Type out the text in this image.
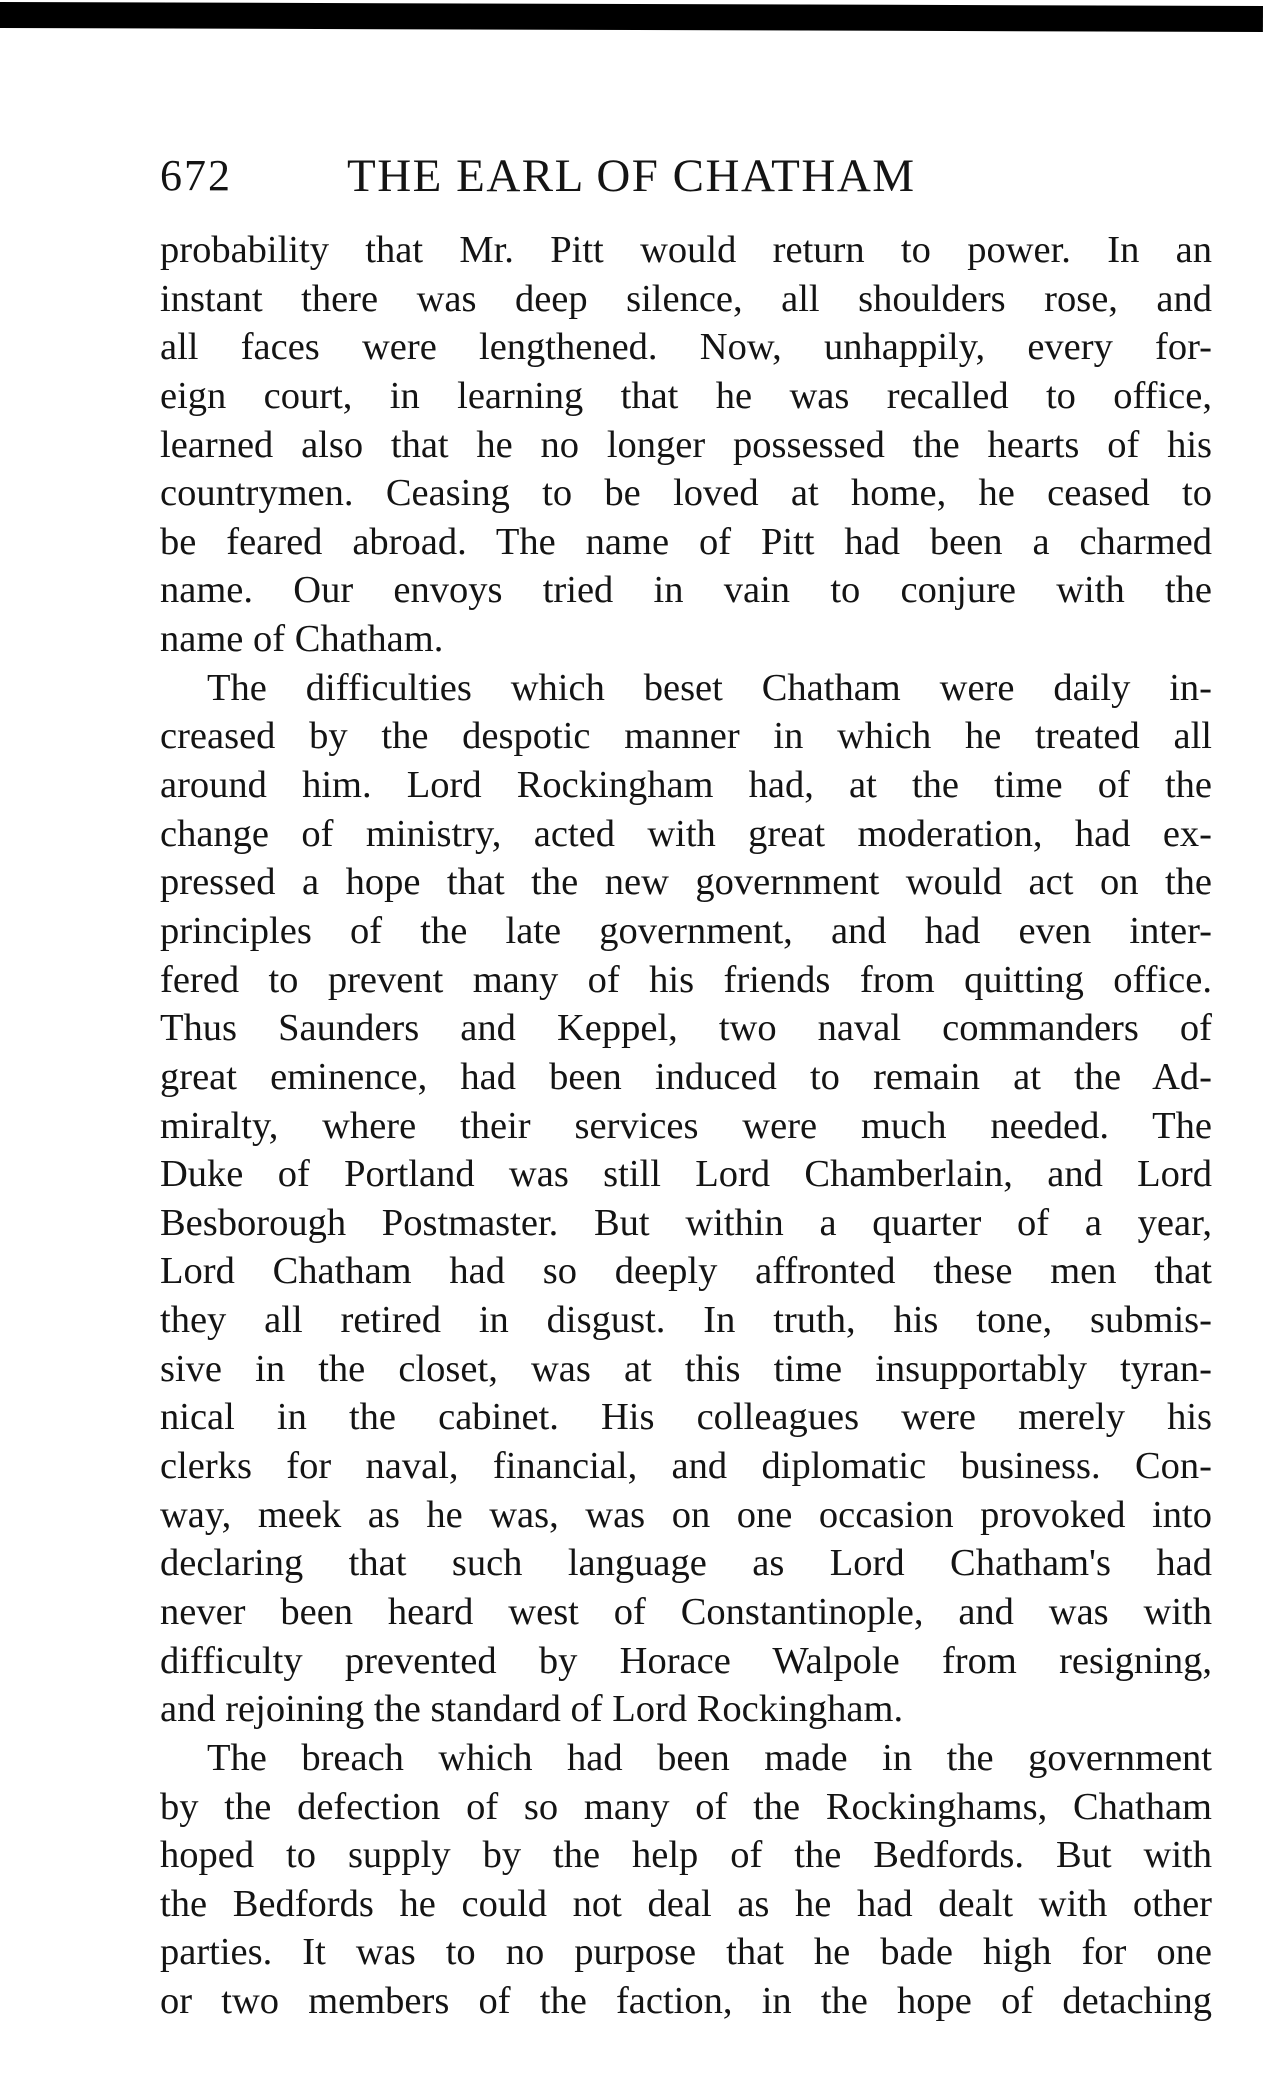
672 THE EARL OF CHATHAM
probability that Mr. Pitt would return to power. In an
instant there was deep silence, all shoulders rose, and
all faces were lengthened. Now, unhappily, every for-
eign court, in learning that he was recalled to office,
learned also that he no longer possessed the hearts of his
countrymen. Ceasing to be loved at home, he ceased to
be feared abroad. The name of Pitt had been a charmed
name. Our envoys tried in vain to conjure with the
name of Chatham.
The difficulties which beset Chatham were daily in-
creased by the despotic manner in which he treated all
around him. Lord Rockingham had, at the time of the
change of ministry, acted with great moderation, had ex-
pressed a hope that the new government would act on the
principles of the late government, and had even inter-
fered to prevent many of his friends from quitting office.
Thus Saunders and Keppel, two naval commanders of
great eminence, had been induced to remain at the Ad-
miralty, where their services were much needed. The
Duke of Portland was still Lord Chamberlain, and Lord
Besborough Postmaster. But within a quarter of a year,
Lord Chatham had so deeply affronted these men that
they all retired in disgust. In truth, his tone, submis-
sive in the closet, was at this time insupportably tyran-
nical in the cabinet. His colleagues were merely his
clerks for naval, financial, and diplomatic business. Con-
way, meek as he was, was on one occasion provoked into
declaring that such language as Lord Chatham's had
never been heard west of Constantinople, and was with
difficulty prevented by Horace Walpole from resigning,
and rejoining the standard of Lord Rockingham.
The breach which had been made in the government
by the defection of so many of the Rockinghams, Chatham
hoped to supply by the help of the Bedfords. But with
the Bedfords he could not deal as he had dealt with other
parties. It was to no purpose that he bade high for one
or two members of the faction, in the hope of detaching
